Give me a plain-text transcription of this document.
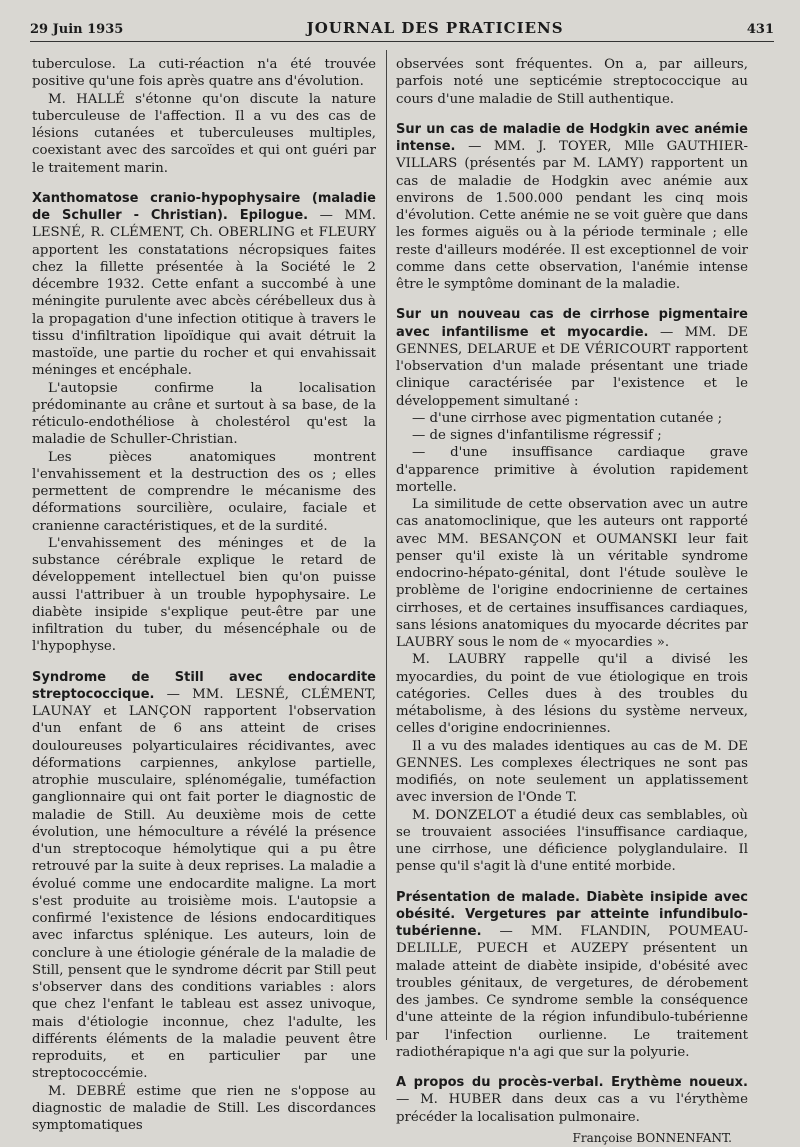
29 Juin 1935	JOURNAL DES PRATICIENS	431

tuberculose. La cuti-réaction n'a été trouvée positive qu'une fois après quatre ans d'évolution.

M. HALLÉ s'étonne qu'on discute la nature tuberculeuse de l'affection. Il a vu des cas de lésions cutanées et tuberculeuses multiples, coexistant avec des sarcoïdes et qui ont guéri par le traitement marin.

Xanthomatose cranio-hypophysaire (maladie de Schuller - Christian). Epilogue. — MM. LESNÉ, R. CLÉMENT, Ch. OBERLING et FLEURY apportent les constatations nécropsiques faites chez la fillette présentée à la Société le 2 décembre 1932. Cette enfant a succombé à une méningite purulente avec abcès cérébelleux dus à la propagation d'une infection otitique à travers le tissu d'infiltration lipoïdique qui avait détruit la mastoïde, une partie du rocher et qui envahissait méninges et encéphale.

L'autopsie confirme la localisation prédominante au crâne et surtout à sa base, de la réticulo-endothéliose à cholestérol qu'est la maladie de Schuller-Christian.

Les pièces anatomiques montrent l'envahissement et la destruction des os ; elles permettent de comprendre le mécanisme des déformations sourcilière, oculaire, faciale et cranienne caractéristiques, et de la surdité.

L'envahissement des méninges et de la substance cérébrale explique le retard de développement intellectuel bien qu'on puisse aussi l'attribuer à un trouble hypophysaire. Le diabète insipide s'explique peut-être par une infiltration du tuber, du mésencéphale ou de l'hypophyse.

Syndrome de Still avec endocardite streptococcique. — MM. LESNÉ, CLÉMENT, LAUNAY et LANÇON rapportent l'observation d'un enfant de 6 ans atteint de crises douloureuses polyarticulaires récidivantes, avec déformations carpiennes, ankylose partielle, atrophie musculaire, splénomégalie, tuméfaction ganglionnaire qui ont fait porter le diagnostic de maladie de Still. Au deuxième mois de cette évolution, une hémoculture a révélé la présence d'un streptocoque hémolytique qui a pu être retrouvé par la suite à deux reprises. La maladie a évolué comme une endocardite maligne. La mort s'est produite au troisième mois. L'autopsie a confirmé l'existence de lésions endocarditiques avec infarctus splénique. Les auteurs, loin de conclure à une étiologie générale de la maladie de Still, pensent que le syndrome décrit par Still peut s'observer dans des conditions variables : alors que chez l'enfant le tableau est assez univoque, mais d'étiologie inconnue, chez l'adulte, les différents éléments de la maladie peuvent être reproduits, et en particulier par une streptococcémie.

M. DEBRÉ estime que rien ne s'oppose au diagnostic de maladie de Still. Les discordances symptomatiques

observées sont fréquentes. On a, par ailleurs, parfois noté une septicémie streptococcique au cours d'une maladie de Still authentique.

Sur un cas de maladie de Hodgkin avec anémie intense. — MM. J. TOYER, Mlle GAUTHIER-VILLARS (présentés par M. LAMY) rapportent un cas de maladie de Hodgkin avec anémie aux environs de 1.500.000 pendant les cinq mois d'évolution. Cette anémie ne se voit guère que dans les formes aiguës ou à la période terminale ; elle reste d'ailleurs modérée. Il est exceptionnel de voir comme dans cette observation, l'anémie intense être le symptôme dominant de la maladie.

Sur un nouveau cas de cirrhose pigmentaire avec infantilisme et myocardie. — MM. DE GENNES, DELARUE et DE VÉRICOURT rapportent l'observation d'un malade présentant une triade clinique caractérisée par l'existence et le développement simultané :

— d'une cirrhose avec pigmentation cutanée ;

— de signes d'infantilisme régressif ;

— d'une insuffisance cardiaque grave d'apparence primitive à évolution rapidement mortelle.

La similitude de cette observation avec un autre cas anatomoclinique, que les auteurs ont rapporté avec MM. BESANÇON et OUMANSKI leur fait penser qu'il existe là un véritable syndrome endocrino-hépato-génital, dont l'étude soulève le problème de l'origine endocrinienne de certaines cirrhoses, et de certaines insuffisances cardiaques, sans lésions anatomiques du myocarde décrites par LAUBRY sous le nom de « myocardies ».

M. LAUBRY rappelle qu'il a divisé les myocardies, du point de vue étiologique en trois catégories. Celles dues à des troubles du métabolisme, à des lésions du système nerveux, celles d'origine endocriniennes.

Il a vu des malades identiques au cas de M. DE GENNES. Les complexes électriques ne sont pas modifiés, on note seulement un applatissement avec inversion de l'Onde T.

M. DONZELOT a étudié deux cas semblables, où se trouvaient associées l'insuffisance cardiaque, une cirrhose, une déficience polyglandulaire. Il pense qu'il s'agit là d'une entité morbide.

Présentation de malade. Diabète insipide avec obésité. Vergetures par atteinte infundibulo-tubérienne. — MM. FLANDIN, POUMEAU-DELILLE, PUECH et AUZEPY présentent un malade atteint de diabète insipide, d'obésité avec troubles génitaux, de vergetures, de dérobement des jambes. Ce syndrome semble la conséquence d'une atteinte de la région infundibulo-tubérienne par l'infection ourlienne. Le traitement radiothérapique n'a agi que sur la polyurie.

A propos du procès-verbal. Erythème noueux. — M. HUBER dans deux cas a vu l'érythème précéder la localisation pulmonaire.

Françoise BONNENFANT.
